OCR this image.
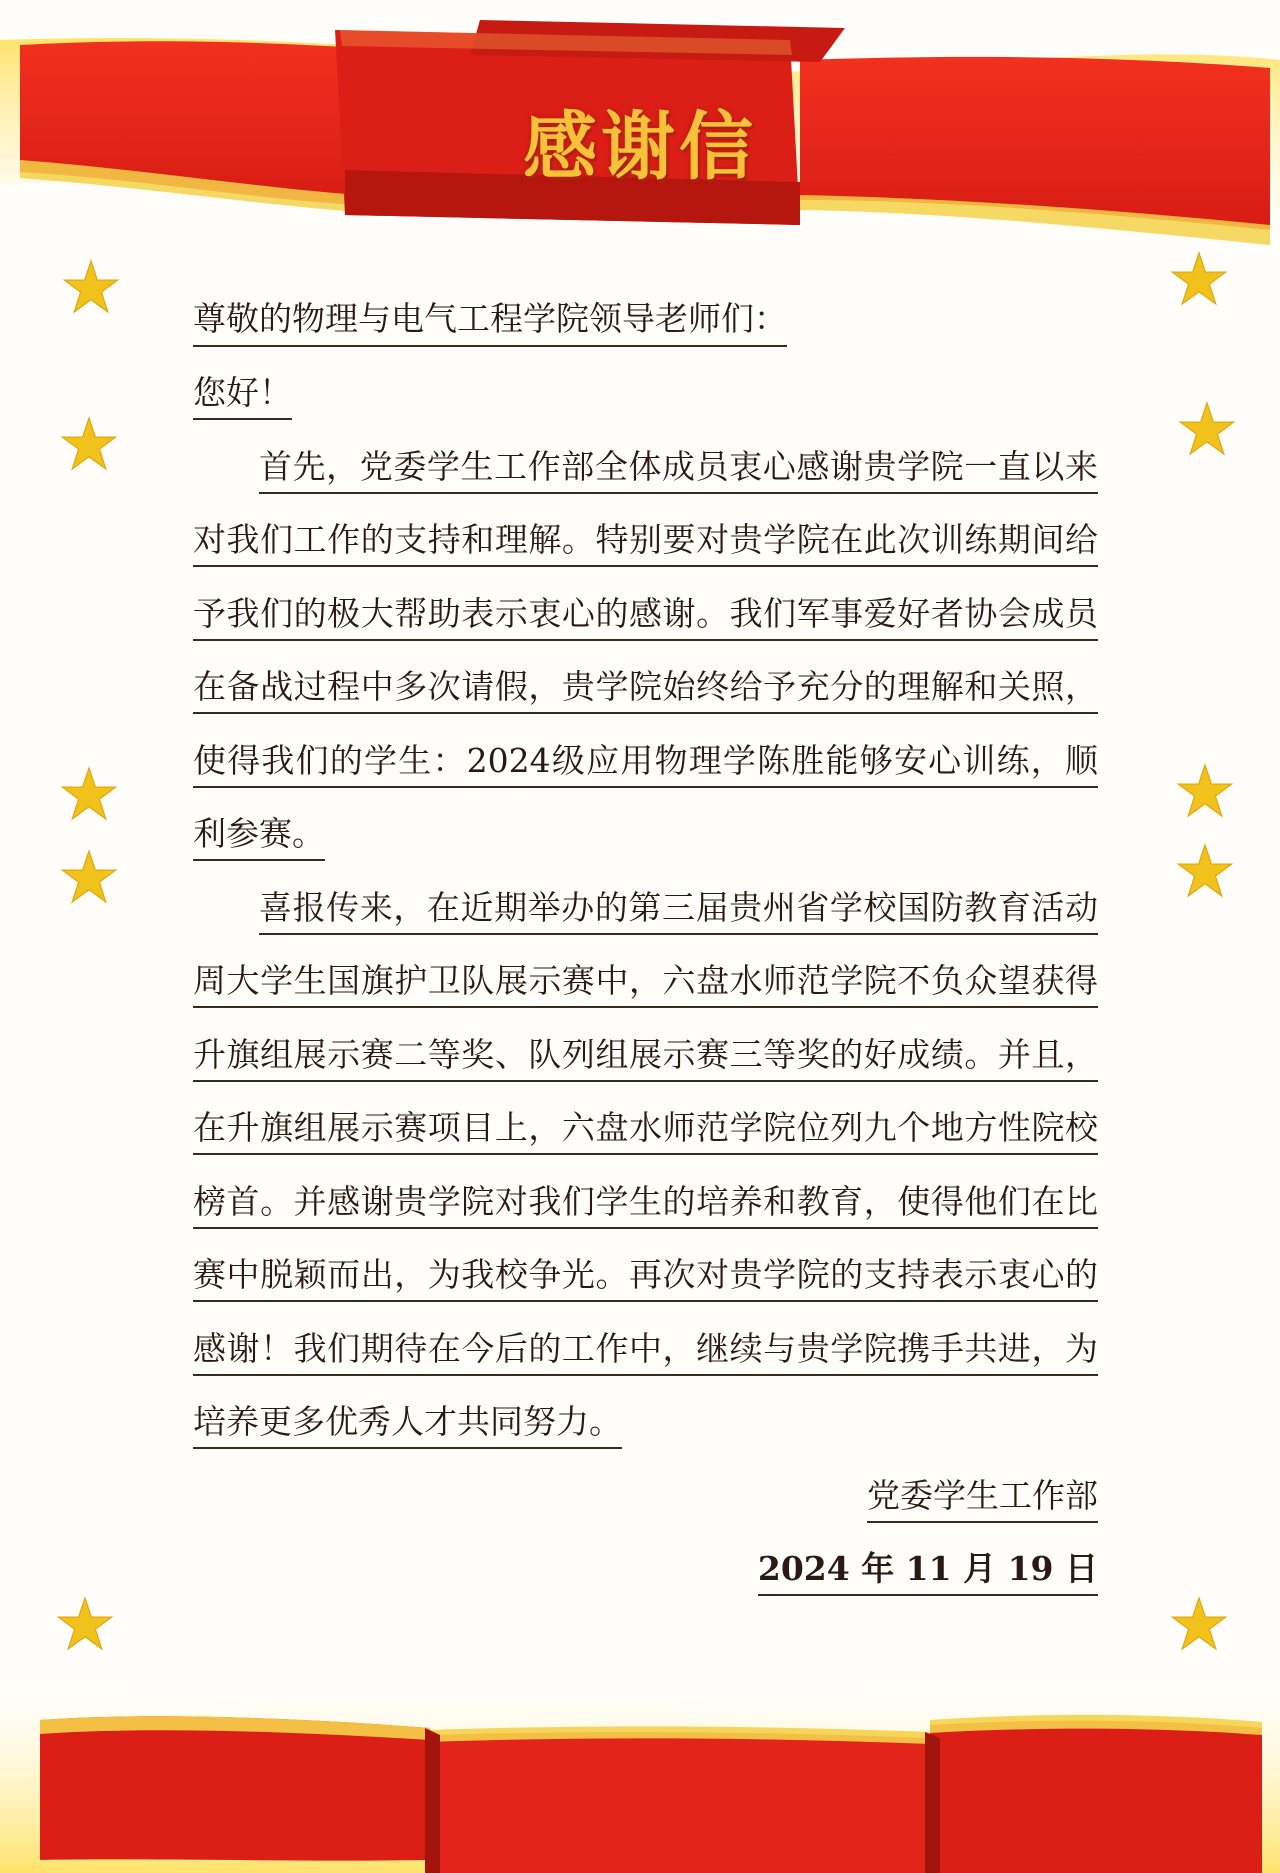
感谢信
尊敬的物理与电气工程学院领导老师们：
您好！

首先，党委学生工作部全体成员衷心感谢贵学院一直以来对我们工作的支持和理解。特别要对贵学院在此次训练期间给予我们的极大帮助表示衷心的感谢。我们军事爱好者协会成员在备战过程中多次请假，贵学院始终给予充分的理解和关照，使得我们的学生：2024级应用物理学陈胜能够安心训练，顺利参赛。

喜报传来，在近期举办的第三届贵州省学校国防教育活动周大学生国旗护卫队展示赛中，六盘水师范学院不负众望获得升旗组展示赛二等奖、队列组展示赛三等奖的好成绩。并且，在升旗组展示赛项目上，六盘水师范学院位列九个地方性院校榜首。并感谢贵学院对我们学生的培养和教育，使得他们在比赛中脱颖而出，为我校争光。再次对贵学院的支持表示衷心的感谢！我们期待在今后的工作中，继续与贵学院携手共进，为培养更多优秀人才共同努力。

党委学生工作部

2024 年 11 月 19 日
